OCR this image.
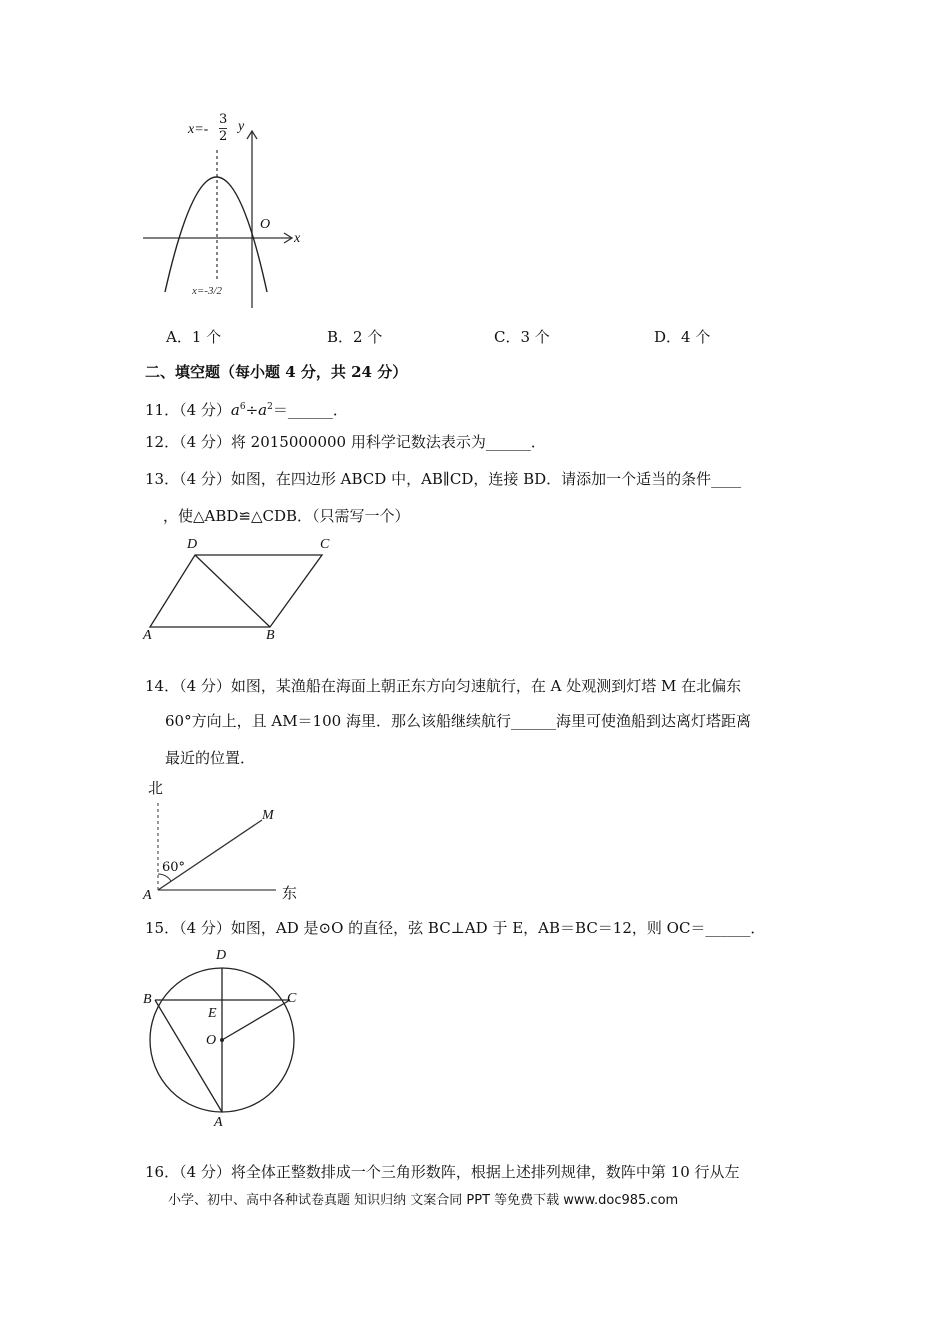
x=-
3
2
x=-3/2
y
x
O
A．1 个	B．2 个	C．3 个	D．4 个
二、填空题（每小题 4 分，共 24 分）
11．（4 分）$a^6\div a^2=\_\_\_\_\_\_$．
12．（4 分）将 2015000000 用科学记数法表示为______．
13．（4 分）如图，在四边形 ABCD 中，AB∥CD，连接 BD．请添加一个适当的条件____
，使△ABD≌△CDB．（只需写一个）
D	C
A	B
14．（4 分）如图，某渔船在海面上朝正东方向匀速航行，在 A 处观测到灯塔 M 在北偏东
60°方向上，且 AM＝100 海里．那么该船继续航行______海里可使渔船到达离灯塔距离
最近的位置．
北
M
60°
A	东
15．（4 分）如图，AD 是⊙O 的直径，弦 BC⊥AD 于 E，AB＝BC＝12，则 OC＝______．
D
B	C
E
O
A
16．（4 分）将全体正整数排成一个三角形数阵，根据上述排列规律，数阵中第 10 行从左
小学、初中、高中各种试卷真题 知识归纳 文案合同 PPT 等免费下载 www.doc985.com
